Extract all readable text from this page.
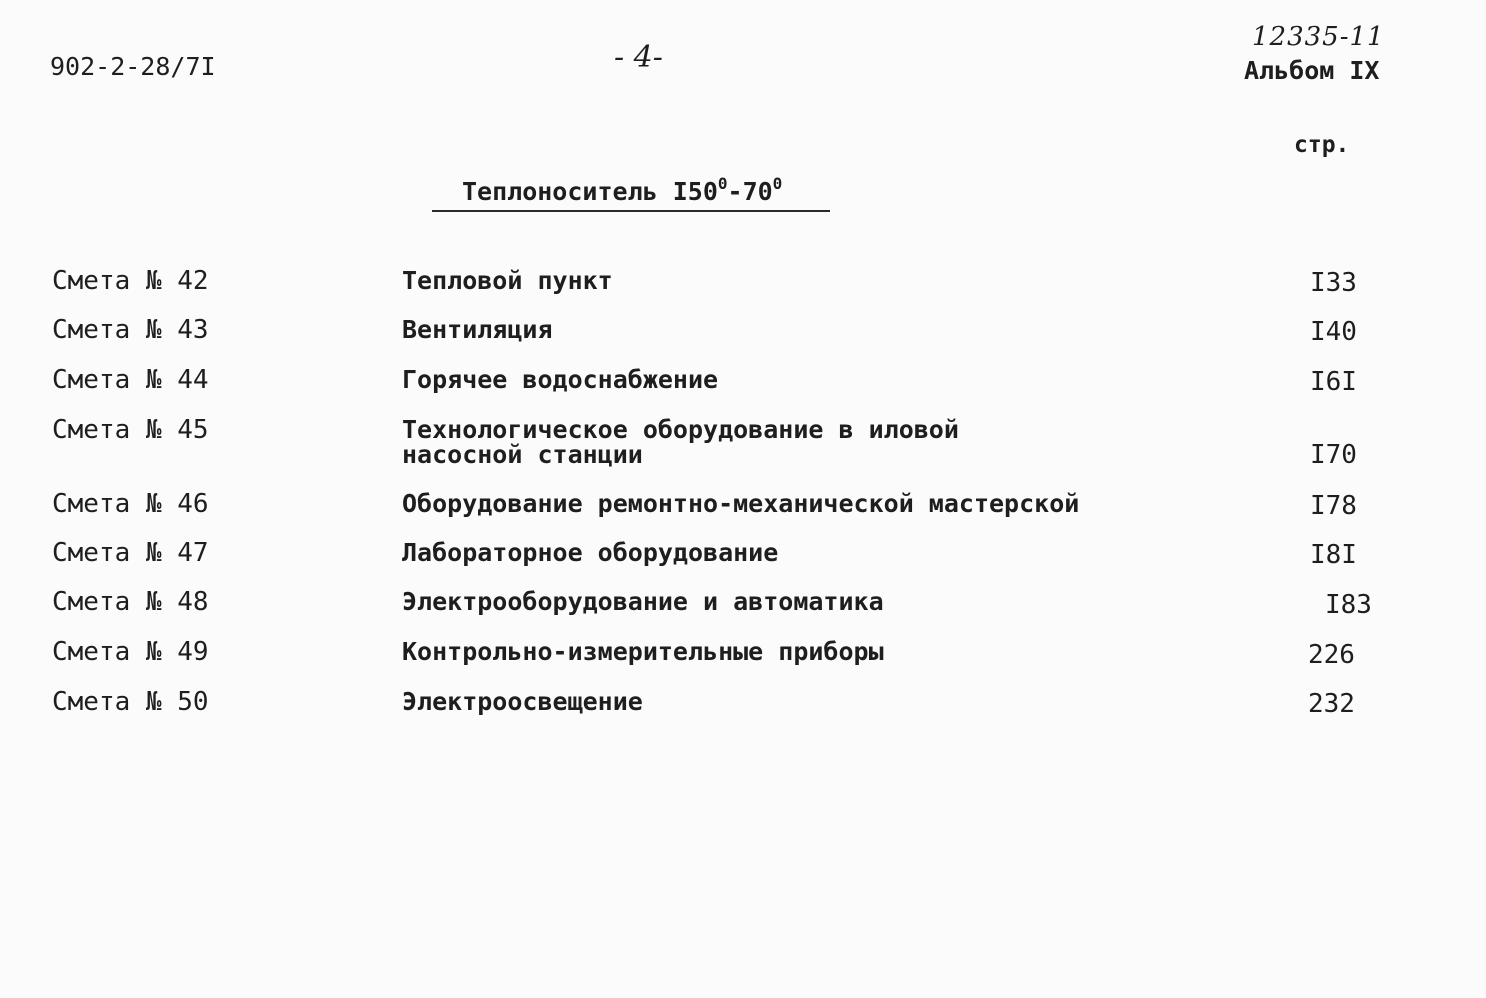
902-2-28/7I	- 4-
12335-11
Альбом IX
стр.
Теплоноситель $I50^0-70^0$
Смета № 42	Тепловой пункт	I33
Смета № 43	Вентиляция	I40
Смета № 44	Горячее водоснабжение	I6I
Смета № 45	Технологическое оборудование в иловой
насосной станции	I70
Смета № 46	Оборудование ремонтно-механической мастерской	I78
Смета № 47	Лабораторное оборудование	I8I
Смета № 48	Электрооборудование и автоматика	I83
Смета № 49	Контрольно-измерительные приборы	226
Смета № 50	Электроосвещение	232
